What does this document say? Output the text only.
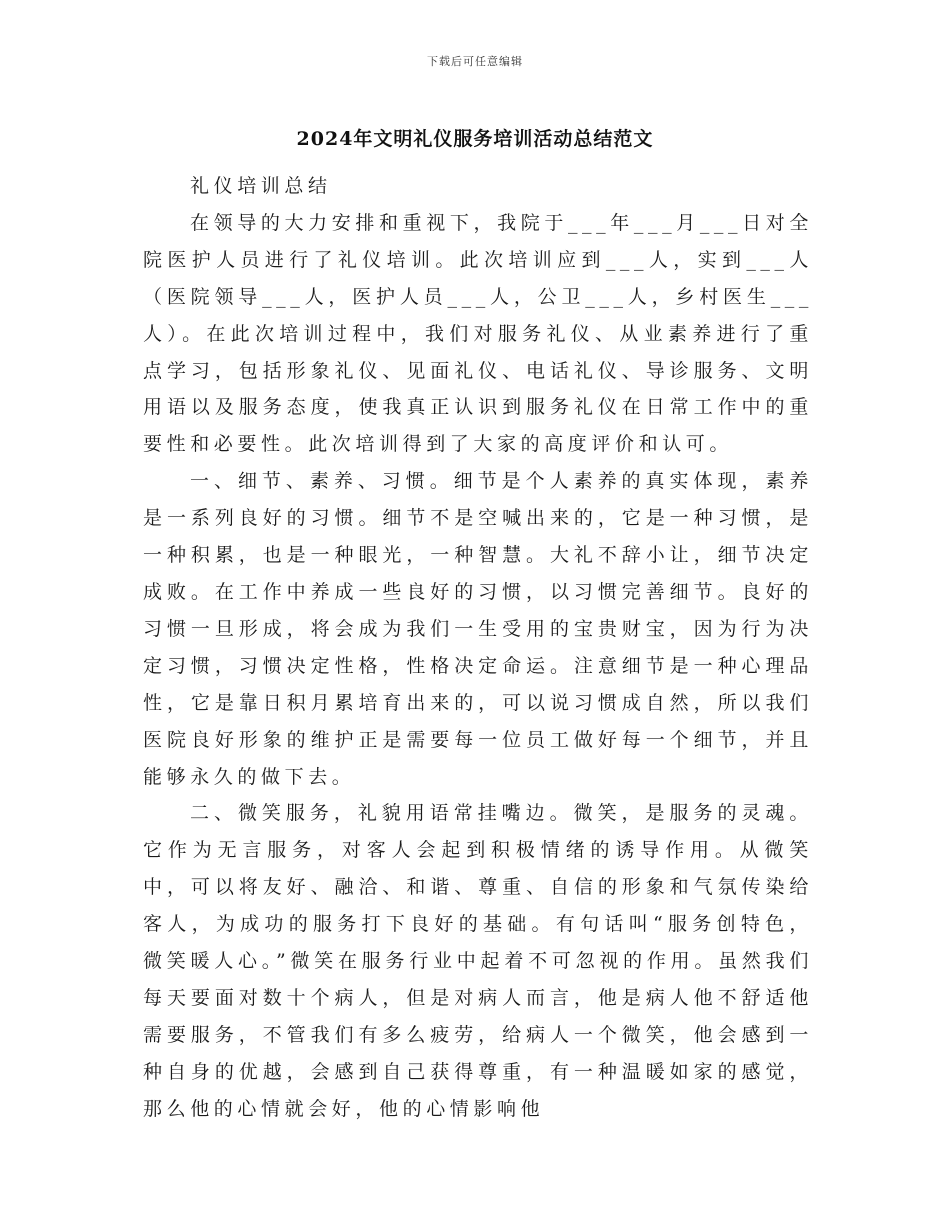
下载后可任意编辑
2024年文明礼仪服务培训活动总结范文

礼仪培训总结

在领导的大力安排和重视下，我院于___年___月___日对全院医护人员进行了礼仪培训。此次培训应到___人，实到___人（医院领导___人，医护人员___人，公卫___人，乡村医生___人）。在此次培训过程中，我们对服务礼仪、从业素养进行了重点学习，包括形象礼仪、见面礼仪、电话礼仪、导诊服务、文明用语以及服务态度，使我真正认识到服务礼仪在日常工作中的重要性和必要性。此次培训得到了大家的高度评价和认可。

一、细节、素养、习惯。细节是个人素养的真实体现，素养是一系列良好的习惯。细节不是空喊出来的，它是一种习惯，是一种积累，也是一种眼光，一种智慧。大礼不辞小让，细节决定成败。在工作中养成一些良好的习惯，以习惯完善细节。良好的习惯一旦形成，将会成为我们一生受用的宝贵财宝，因为行为决定习惯，习惯决定性格，性格决定命运。注意细节是一种心理品性，它是靠日积月累培育出来的，可以说习惯成自然，所以我们医院良好形象的维护正是需要每一位员工做好每一个细节，并且能够永久的做下去。

二、微笑服务，礼貌用语常挂嘴边。微笑，是服务的灵魂。它作为无言服务，对客人会起到积极情绪的诱导作用。从微笑中，可以将友好、融洽、和谐、尊重、自信的形象和气氛传染给客人，为成功的服务打下良好的基础。有句话叫“服务创特色，微笑暖人心。”微笑在服务行业中起着不可忽视的作用。虽然我们每天要面对数十个病人，但是对病人而言，他是病人他不舒适他需要服务，不管我们有多么疲劳，给病人一个微笑，他会感到一种自身的优越，会感到自己获得尊重，有一种温暖如家的感觉，那么他的心情就会好，他的心情影响他
